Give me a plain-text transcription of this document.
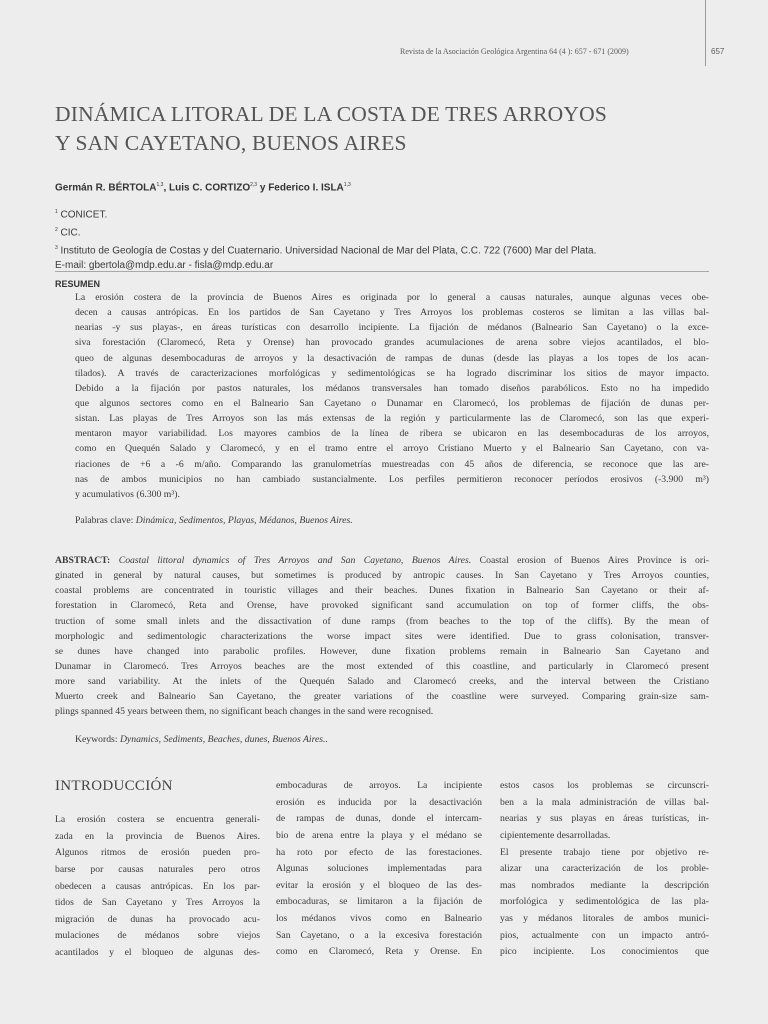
Revista de la Asociación Geológica Argentina 64 (4 ): 657 - 671 (2009)	657
DINÁMICA LITORAL DE LA COSTA DE TRES ARROYOS
Y SAN CAYETANO, BUENOS AIRES
Germán R. BÉRTOLA$^{1,3}$, Luis C. CORTIZO$^{2,3}$ y Federico I. ISLA$^{1,3}$
$^1$ CONICET.
$^2$ CIC.
$^3$ Instituto de Geología de Costas y del Cuaternario. Universidad Nacional de Mar del Plata, C.C. 722 (7600) Mar del Plata.
E-mail: gbertola@mdp.edu.ar - fisla@mdp.edu.ar
RESUMEN
La erosión costera de la provincia de Buenos Aires es originada por lo general a causas naturales, aunque algunas veces obe-
decen a causas antrópicas. En los partidos de San Cayetano y Tres Arroyos los problemas costeros se limitan a las villas bal-
nearias -y sus playas-, en áreas turísticas con desarrollo incipiente. La fijación de médanos (Balneario San Cayetano) o la exce-
siva forestación (Claromecó, Reta y Orense) han provocado grandes acumulaciones de arena sobre viejos acantilados, el blo-
queo de algunas desembocaduras de arroyos y la desactivación de rampas de dunas (desde las playas a los topes de los acan-
tilados). A través de caracterizaciones morfológicas y sedimentológicas se ha logrado discriminar los sitios de mayor impacto.
Debido a la fijación por pastos naturales, los médanos transversales han tomado diseños parabólicos. Esto no ha impedido
que algunos sectores como en el Balneario San Cayetano o Dunamar en Claromecó, los problemas de fijación de dunas per-
sistan. Las playas de Tres Arroyos son las más extensas de la región y particularmente las de Claromecó, son las que experi-
mentaron mayor variabilidad. Los mayores cambios de la línea de ribera se ubicaron en las desembocaduras de los arroyos,
como en Quequén Salado y Claromecó, y en el tramo entre el arroyo Cristiano Muerto y el Balneario San Cayetano, con va-
riaciones de +6 a -6 m/año. Comparando las granulometrías muestreadas con 45 años de diferencia, se reconoce que las are-
nas de ambos municipios no han cambiado sustancialmente. Los perfiles permitieron reconocer períodos erosivos (-3.900 m³)
y acumulativos (6.300 m³).
Palabras clave: Dinámica, Sedimentos, Playas, Médanos, Buenos Aires.
ABSTRACT: Coastal littoral dynamics of Tres Arroyos and San Cayetano, Buenos Aires. Coastal erosion of Buenos Aires Province is ori-
ginated in general by natural causes, but sometimes is produced by antropic causes. In San Cayetano y Tres Arroyos counties,
coastal problems are concentrated in touristic villages and their beaches. Dunes fixation in Balneario San Cayetano or their af-
forestation in Claromecó, Reta and Orense, have provoked significant sand accumulation on top of former cliffs, the obs-
truction of some small inlets and the dissactivation of dune ramps (from beaches to the top of the cliffs). By the mean of
morphologic and sedimentologic characterizations the worse impact sites were identified. Due to grass colonisation, transver-
se dunes have changed into parabolic profiles. However, dune fixation problems remain in Balneario San Cayetano and
Dunamar in Claromecó. Tres Arroyos beaches are the most extended of this coastline, and particularly in Claromecó present
more sand variability. At the inlets of the Quequén Salado and Claromecó creeks, and the interval between the Cristiano
Muerto creek and Balneario San Cayetano, the greater variations of the coastline were surveyed. Comparing grain-size sam-
plings spanned 45 years between them, no significant beach changes in the sand were recognised.
Keywords: Dynamics, Sediments, Beaches, dunes, Buenos Aires..
INTRODUCCIÓN
La erosión costera se encuentra generali-
zada en la provincia de Buenos Aires.
Algunos ritmos de erosión pueden pro-
barse por causas naturales pero otros
obedecen a causas antrópicas. En los par-
tidos de San Cayetano y Tres Arroyos la
migración de dunas ha provocado acu-
mulaciones de médanos sobre viejos
acantilados y el bloqueo de algunas des-
embocaduras de arroyos. La incipiente
erosión es inducida por la desactivación
de rampas de dunas, donde el intercam-
bio de arena entre la playa y el médano se
ha roto por efecto de las forestaciones.
Algunas soluciones implementadas para
evitar la erosión y el bloqueo de las des-
embocaduras, se limitaron a la fijación de
los médanos vivos como en Balneario
San Cayetano, o a la excesiva forestación
como en Claromecó, Reta y Orense. En
estos casos los problemas se circunscri-
ben a la mala administración de villas bal-
nearias y sus playas en áreas turísticas, in-
cipientemente desarrolladas.
El presente trabajo tiene por objetivo re-
alizar una caracterización de los proble-
mas nombrados mediante la descripción
morfológica y sedimentológica de las pla-
yas y médanos litorales de ambos munici-
pios, actualmente con un impacto antró-
pico incipiente. Los conocimientos que
